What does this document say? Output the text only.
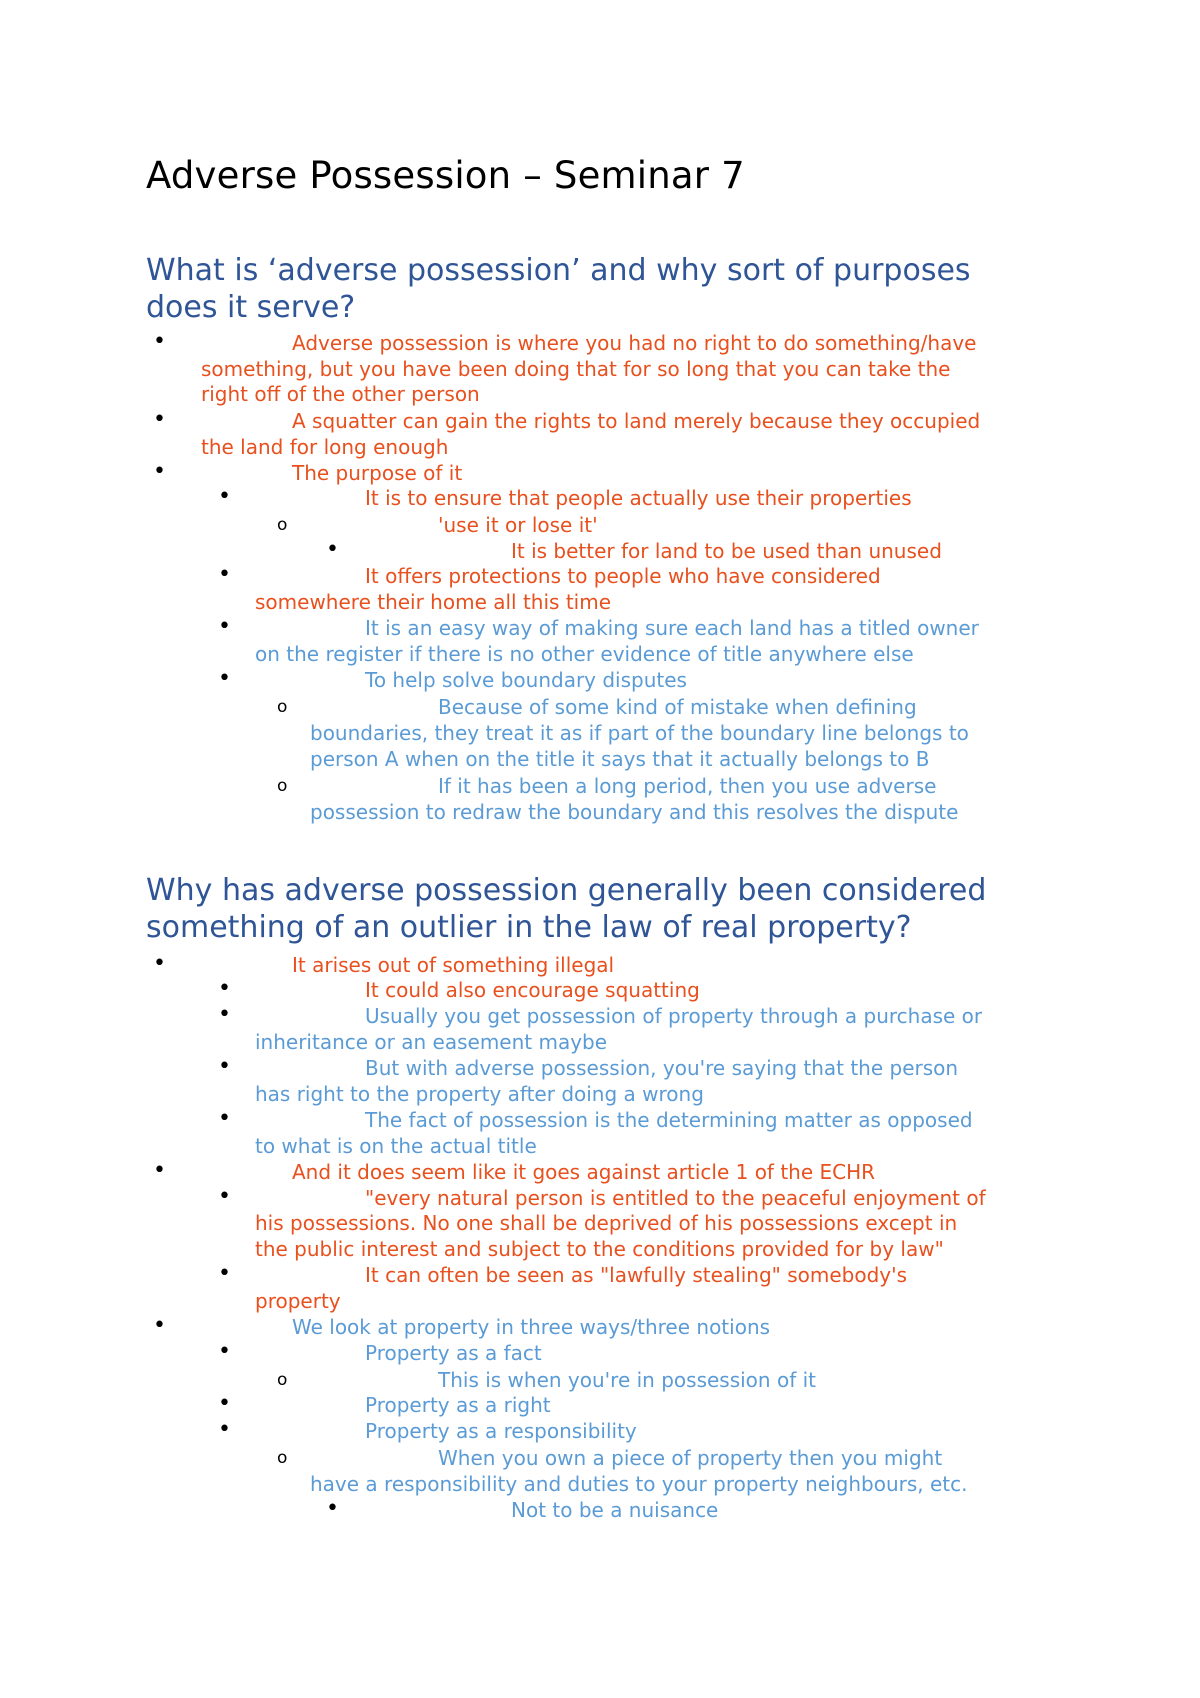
Adverse Possession – Seminar 7
What is ‘adverse possession’ and why sort of purposes
does it serve?
•
Adverse possession is where you had no right to do something/have
something, but you have been doing that for so long that you can take the
right off of the other person
•
A squatter can gain the rights to land merely because they occupied
the land for long enough
•
The purpose of it
•
It is to ensure that people actually use their properties
o
'use it or lose it'
•
It is better for land to be used than unused
•
It offers protections to people who have considered
somewhere their home all this time
•
It is an easy way of making sure each land has a titled owner
on the register if there is no other evidence of title anywhere else
•
To help solve boundary disputes
o
Because of some kind of mistake when defining
boundaries, they treat it as if part of the boundary line belongs to
person A when on the title it says that it actually belongs to B
o
If it has been a long period, then you use adverse
possession to redraw the boundary and this resolves the dispute
Why has adverse possession generally been considered
something of an outlier in the law of real property?
•
It arises out of something illegal
•
It could also encourage squatting
•
Usually you get possession of property through a purchase or
inheritance or an easement maybe
•
But with adverse possession, you're saying that the person
has right to the property after doing a wrong
•
The fact of possession is the determining matter as opposed
to what is on the actual title
•
And it does seem like it goes against article 1 of the ECHR
•
"every natural person is entitled to the peaceful enjoyment of
his possessions. No one shall be deprived of his possessions except in
the public interest and subject to the conditions provided for by law"
•
It can often be seen as "lawfully stealing" somebody's
property
•
We look at property in three ways/three notions
•
Property as a fact
o
This is when you're in possession of it
•
Property as a right
•
Property as a responsibility
o
When you own a piece of property then you might
have a responsibility and duties to your property neighbours, etc.
•
Not to be a nuisance
